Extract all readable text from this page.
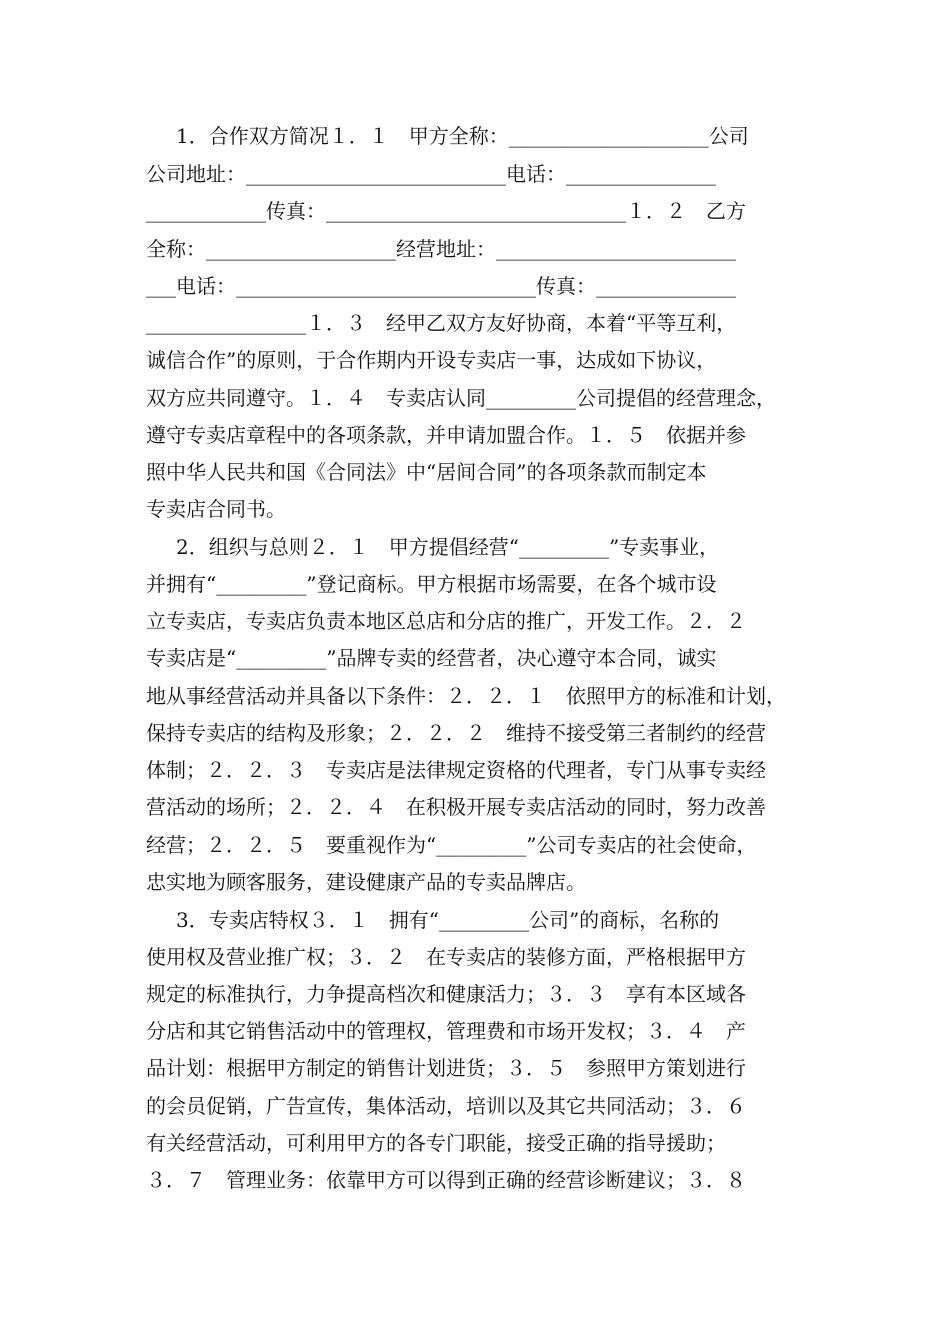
1．合作双方简况１．１　甲方全称：____________________公司
公司地址：__________________________电话：_______________
____________传真：______________________________１．２　乙方
全称：___________________经营地址：________________________
___电话：______________________________传真：______________
________________１．３　经甲乙双方友好协商，本着“平等互利，
诚信合作”的原则，于合作期内开设专卖店一事，达成如下协议，
双方应共同遵守。１．４　专卖店认同_________公司提倡的经营理念，
遵守专卖店章程中的各项条款，并申请加盟合作。１．５　依据并参
照中华人民共和国《合同法》中“居间合同”的各项条款而制定本
专卖店合同书。
2．组织与总则２．１　甲方提倡经营“_________”专卖事业，
并拥有“_________”登记商标。甲方根据市场需要，在各个城市设
立专卖店，专卖店负责本地区总店和分店的推广，开发工作。２．２
专卖店是“_________”品牌专卖的经营者，决心遵守本合同，诚实
地从事经营活动并具备以下条件：２．２．１　依照甲方的标准和计划，
保持专卖店的结构及形象；２．２．２　维持不接受第三者制约的经营
体制；２．２．３　专卖店是法律规定资格的代理者，专门从事专卖经
营活动的场所；２．２．４　在积极开展专卖店活动的同时，努力改善
经营；２．２．５　要重视作为“_________”公司专卖店的社会使命，
忠实地为顾客服务，建设健康产品的专卖品牌店。
3．专卖店特权３．１　拥有“_________公司”的商标，名称的
使用权及营业推广权；３．２　在专卖店的装修方面，严格根据甲方
规定的标准执行，力争提高档次和健康活力；３．３　享有本区域各
分店和其它销售活动中的管理权，管理费和市场开发权；３．４　产
品计划：根据甲方制定的销售计划进货；３．５　参照甲方策划进行
的会员促销，广告宣传，集体活动，培训以及其它共同活动；３．６
有关经营活动，可利用甲方的各专门职能，接受正确的指导援助；
３．７　管理业务：依靠甲方可以得到正确的经营诊断建议；３．８
